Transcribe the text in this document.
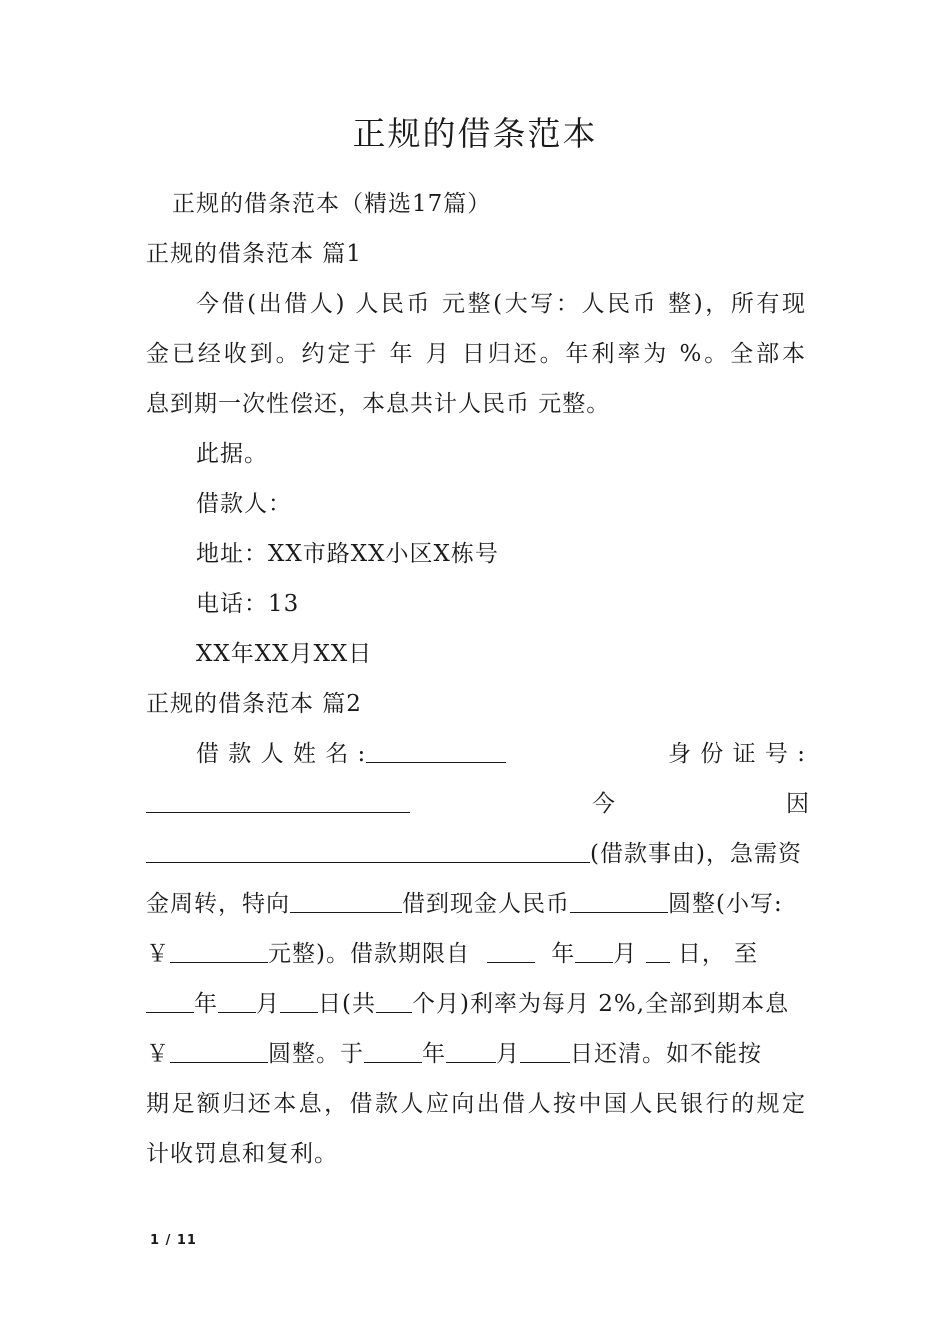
正规的借条范本
正规的借条范本（精选17篇）
正规的借条范本 篇1
今借(出借人) 人民币 元整(大写：人民币 整)，所有现
金已经收到。约定于 年 月 日归还。年利率为 %。全部本
息到期一次性偿还，本息共计人民币 元整。
此据。
借款人：
地址：XX市路XX小区X栋号
电话：13
XX年XX月XX日
正规的借条范本 篇2
借 款 人 姓 名 :	身 份 证 号 :
今	因
(借款事由)，急需资
金周转，特向	借到现金人民币	圆整(小写:
￥	元整)。借款期限自	年 月 日， 至
年 月 日(共 个月)利率为每月 2%,全部到期本息
￥	圆整。于	年 月 日还清。如不能按
期足额归还本息，借款人应向出借人按中国人民银行的规定
计收罚息和复利。
1 / 11
